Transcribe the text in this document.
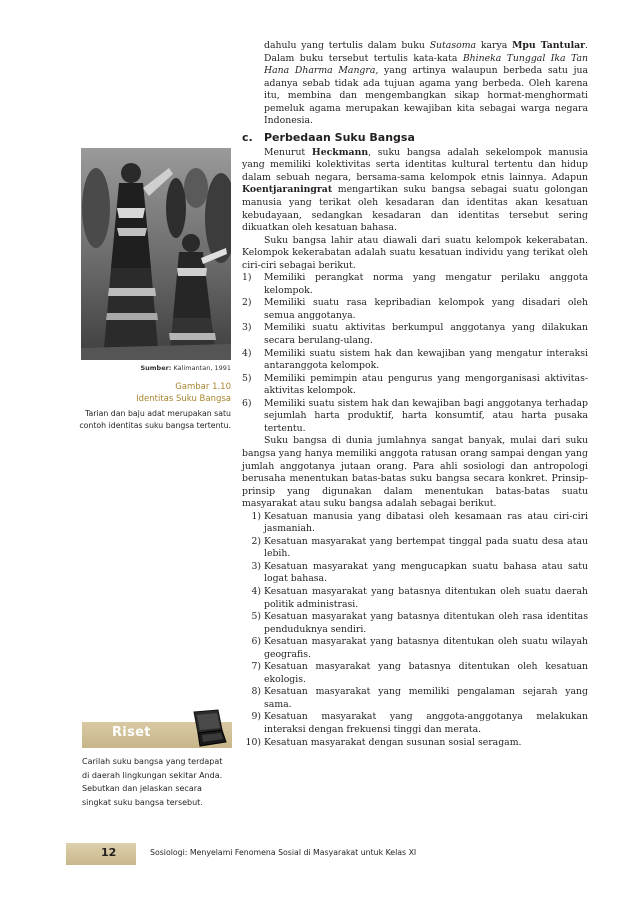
Sumber: Kalimantan, 1991
Gambar 1.10
Identitas Suku Bangsa
Tarian dan baju adat merupakan satu contoh identitas suku bangsa tertentu.
Riset
Carilah suku bangsa yang terdapat di daerah lingkungan sekitar Anda. Sebutkan dan jelaskan secara singkat suku bangsa tersebut.

dahulu yang tertulis dalam buku Sutasoma karya Mpu Tantular. Dalam buku tersebut tertulis kata-kata Bhineka Tunggal Ika Tan Hana Dharma Mangra, yang artinya walaupun berbeda satu jua adanya sebab tidak ada tujuan agama yang berbeda. Oleh karena itu, membina dan mengembangkan sikap hormat-menghormati pemeluk agama merupakan kewajiban kita sebagai warga negara Indonesia.

c. Perbedaan Suku Bangsa

Menurut Heckmann, suku bangsa adalah sekelompok manusia yang memiliki kolektivitas serta identitas kultural tertentu dan hidup dalam sebuah negara, bersama-sama kelompok etnis lainnya. Adapun Koentjaraningrat mengartikan suku bangsa sebagai suatu golongan manusia yang terikat oleh kesadaran dan identitas akan kesatuan kebudayaan, sedangkan kesadaran dan identitas tersebut sering dikuatkan oleh kesatuan bahasa.

Suku bangsa lahir atau diawali dari suatu kelompok kekerabatan. Kelompok kekerabatan adalah suatu kesatuan individu yang terikat oleh ciri-ciri sebagai berikut.

1) Memiliki perangkat norma yang mengatur perilaku anggota kelompok.
2) Memiliki suatu rasa kepribadian kelompok yang disadari oleh semua anggotanya.
3) Memiliki suatu aktivitas berkumpul anggotanya yang dilakukan secara berulang-ulang.
4) Memiliki suatu sistem hak dan kewajiban yang mengatur interaksi antaranggota kelompok.
5) Memiliki pemimpin atau pengurus yang mengorganisasi aktivitas-aktivitas kelompok.
6) Memiliki suatu sistem hak dan kewajiban bagi anggotanya terhadap sejumlah harta produktif, harta konsumtif, atau harta pusaka tertentu.

Suku bangsa di dunia jumlahnya sangat banyak, mulai dari suku bangsa yang hanya memiliki anggota ratusan orang sampai dengan yang jumlah anggotanya jutaan orang. Para ahli sosiologi dan antropologi berusaha menentukan batas-batas suku bangsa secara konkret. Prinsip-prinsip yang digunakan dalam menentukan batas-batas suatu masyarakat atau suku bangsa adalah sebagai berikut.

1) Kesatuan manusia yang dibatasi oleh kesamaan ras atau ciri-ciri jasmaniah.
2) Kesatuan masyarakat yang bertempat tinggal pada suatu desa atau lebih.
3) Kesatuan masyarakat yang mengucapkan suatu bahasa atau satu logat bahasa.
4) Kesatuan masyarakat yang batasnya ditentukan oleh suatu daerah politik administrasi.
5) Kesatuan masyarakat yang batasnya ditentukan oleh rasa identitas penduduknya sendiri.
6) Kesatuan masyarakat yang batasnya ditentukan oleh suatu wilayah geografis.
7) Kesatuan masyarakat yang batasnya ditentukan oleh kesatuan ekologis.
8) Kesatuan masyarakat yang memiliki pengalaman sejarah yang sama.
9) Kesatuan masyarakat yang anggota-anggotanya melakukan interaksi dengan frekuensi tinggi dan merata.
10) Kesatuan masyarakat dengan susunan sosial seragam.
12	Sosiologi: Menyelami Fenomena Sosial di Masyarakat untuk Kelas XI
